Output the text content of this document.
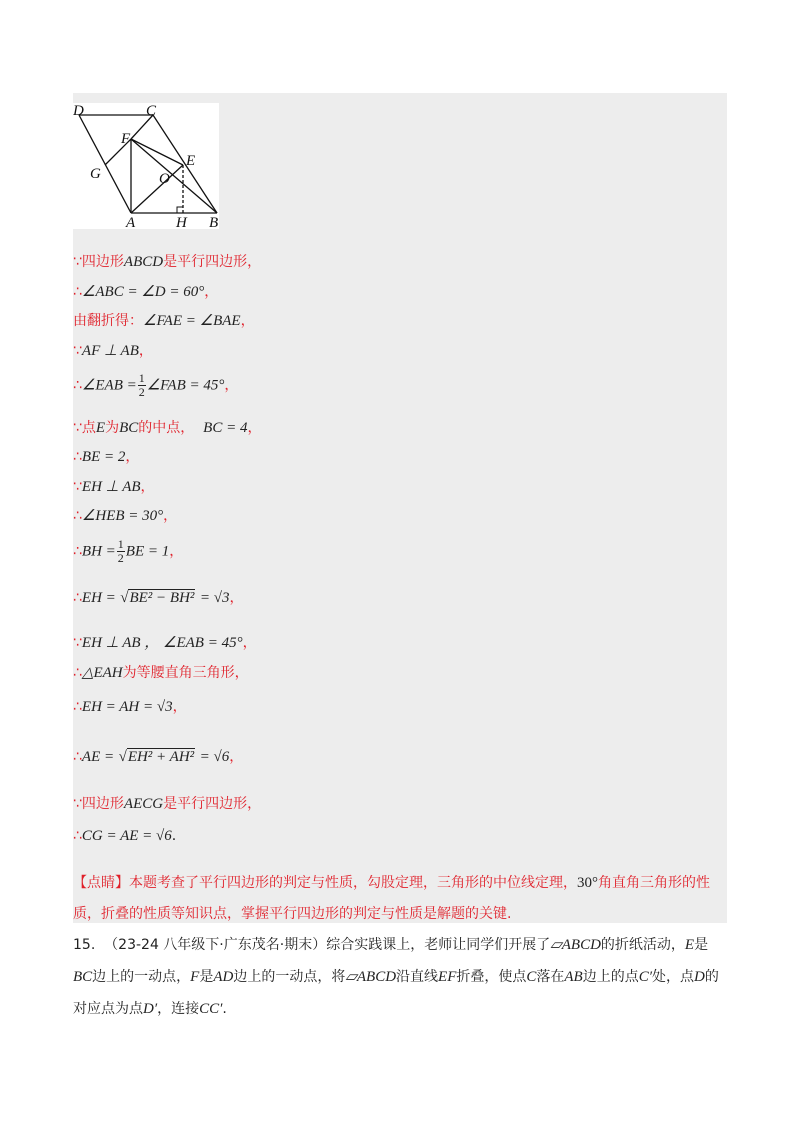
D	C
F
E
G	O
A	H B
∵四边形ABCD是平行四边形，
∴∠ABC = ∠D = 60°，
由翻折得：∠FAE = ∠BAE，
∵AF ⊥ AB，
∴∠EAB = $\frac{1}{2}$ ∠FAB = 45°，
∵点E为BC的中点， BC = 4，
∴BE = 2，
∵EH ⊥ AB，
∴∠HEB = 30°，
∴BH = $\frac{1}{2}$ BE = 1，
∴EH = √BE² − BH² = √3，
∵EH ⊥ AB ， ∠EAB = 45°，
∴△EAH为等腰直角三角形，
∴EH = AH = √3，
∴AE = √EH² + AH² = √6，
∵四边形AECG是平行四边形，
∴CG = AE = √6.
【点睛】本题考查了平行四边形的判定与性质，勾股定理，三角形的中位线定理，30°角直角三角形的性质，折叠的性质等知识点，掌握平行四边形的判定与性质是解题的关键.
15. （23-24 八年级下·广东茂名·期末）综合实践课上，老师让同学们开展了▱ABCD的折纸活动，E是BC边上的一动点，F是AD边上的一动点，将▱ABCD沿直线EF折叠，使点C落在AB边上的点C′处，点D的对应点为点D′，连接CC′.
